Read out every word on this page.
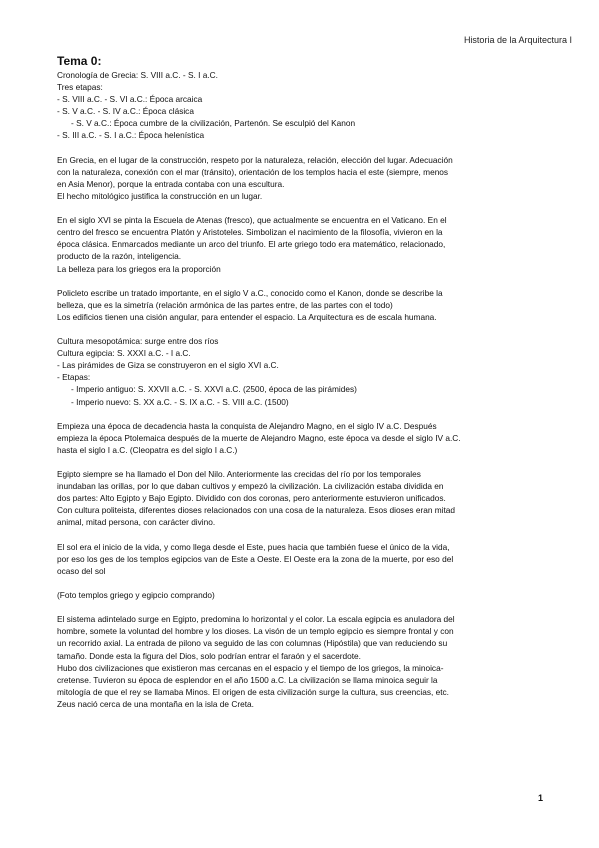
Historia de la Arquitectura I

Tema 0:

Cronología de Grecia: S. VIII a.C. - S. I a.C.

Tres etapas:

- S. VIII a.C. - S. VI a.C.: Época arcaica

- S. V a.C. - S. IV a.C.: Época clásica

- S. V a.C.: Época cumbre de la civilización, Partenón. Se esculpió del Kanon

- S. III a.C. - S. I a.C.: Época helenística

En Grecia, en el lugar de la construcción, respeto por la naturaleza, relación, elección del lugar. Adecuación

con la naturaleza, conexión con el mar (tránsito), orientación de los templos hacia el este (siempre, menos

en Asia Menor), porque la entrada contaba con una escultura.

El hecho mitológico justifica la construcción en un lugar.

En el siglo XVI se pinta la Escuela de Atenas (fresco), que actualmente se encuentra en el Vaticano. En el

centro del fresco se encuentra Platón y Aristoteles. Simbolizan el nacimiento de la filosofía, vivieron en la

época clásica. Enmarcados mediante un arco del triunfo. El arte griego todo era matemático, relacionado,

producto de la razón, inteligencia.

La belleza para los griegos era la proporción

Policleto escribe un tratado importante, en el siglo V a.C., conocido como el Kanon, donde se describe la

belleza, que es la simetría (relación armónica de las partes entre, de las partes con el todo)

Los edificios tienen una cisión angular, para entender el espacio. La Arquitectura es de escala humana.

Cultura mesopotámica: surge entre dos ríos

Cultura egipcia: S. XXXI a.C. - I a.C.

- Las pirámides de Giza se construyeron en el siglo XVI a.C.

- Etapas:

- Imperio antiguo: S. XXVII a.C. - S. XXVI a.C. (2500, época de las pirámides)

- Imperio nuevo: S. XX a.C. - S. IX a.C. - S. VIII a.C. (1500)

Empieza una época de decadencia hasta la conquista de Alejandro Magno, en el siglo IV a.C. Después

empieza la época Ptolemaica después de la muerte de Alejandro Magno, este época va desde el siglo IV a.C.

hasta el siglo I a.C. (Cleopatra es del siglo I a.C.)

Egipto siempre se ha llamado el Don del Nilo. Anteriormente las crecidas del río por los temporales

inundaban las orillas, por lo que daban cultivos y empezó la civilización. La civilización estaba dividida en

dos partes: Alto Egipto y Bajo Egipto. Dividido con dos coronas, pero anteriormente estuvieron unificados.

Con cultura politeista, diferentes dioses relacionados con una cosa de la naturaleza. Esos dioses eran mitad

animal, mitad persona, con carácter divino.

El sol era el inicio de la vida, y como llega desde el Este, pues hacia que también fuese el único de la vida,

por eso los ges de los templos egipcios van de Este a Oeste. El Oeste era la zona de la muerte, por eso del

ocaso del sol

(Foto templos griego y egipcio comprando)

El sistema adintelado surge en Egipto, predomina lo horizontal y el color. La escala egipcia es anuladora del

hombre, somete la voluntad del hombre y los dioses. La visón de un templo egipcio es siempre frontal y con

un recorrido axial. La entrada de pilono va seguido de las con columnas (Hipóstila) que van reduciendo su

tamaño. Donde esta la figura del Dios, solo podrían entrar el faraón y el sacerdote.

Hubo dos civilizaciones que existieron mas cercanas en el espacio y el tiempo de los griegos, la minoica-

cretense. Tuvieron su época de esplendor en el año 1500 a.C. La civilización se llama minoica seguir la

mitología de que el rey se llamaba Minos. El origen de esta civilización surge la cultura, sus creencias, etc.

Zeus nació cerca de una montaña en la isla de Creta.

1
